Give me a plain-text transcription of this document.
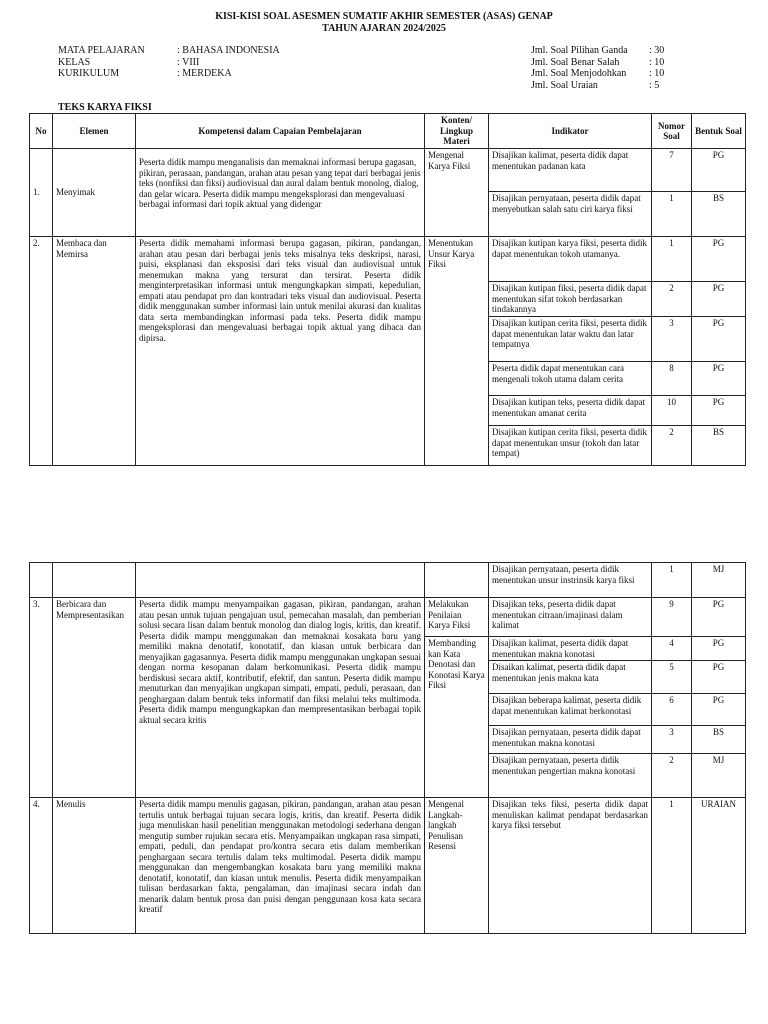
KISI-KISI SOAL ASESMEN SUMATIF AKHIR SEMESTER (ASAS) GENAP
TAHUN AJARAN 2024/2025
MATA PELAJARAN	: BAHASA INDONESIA
KELAS	: VIII
KURIKULUM	: MERDEKA
Jml. Soal Pilihan Ganda : 30
Jml. Soal Benar Salah	: 10
Jml. Soal Menjodohkan : 10
Jml. Soal Uraian	: 5
TEKS KARYA FIKSI
No	Elemen	Kompetensi dalam Capaian Pembelajaran	Konten/ Lingkup Materi	Indikator	Nomor Soal	Bentuk Soal
1.	Menyimak	Peserta didik mampu menganalisis dan memaknai informasi berupa gagasan, pikiran, perasaan, pandangan, arahan atau pesan yang tepat dari berbagai jenis teks (nonfiksi dan fiksi) audiovisual dan aural dalam bentuk monolog, dialog, dan gelar wicara. Peserta didik mampu mengeksplorasi dan mengevaluasi berbagai informasi dari topik aktual yang didengar	Mengenal Karya Fiksi	Disajikan kalimat, peserta didik dapat menentukan padanan kata	7	PG
				Disajikan pernyataan, peserta didik dapat menyebutkan salah satu ciri karya fiksi	1	BS
2.	Membaca dan Memirsa	Peserta didik memahami informasi berupa gagasan, pikiran, pandangan, arahan atau pesan dari berbagai jenis teks misalnya teks deskripsi, narasi, puisi, eksplanasi dan eksposisi dari teks visual dan audiovisual untuk menemukan makna yang tersurat dan tersirat. Peserta didik menginterpretasikan informasi untuk mengungkapkan simpati, kepedulian, empati atau pendapat pro dan kontradari teks visual dan audiovisual. Peserta didik menggunakan sumber informasi lain untuk menilai akurasi dan kualitas data serta membandingkan informasi pada teks. Peserta didik mampu mengeksplorasi dan mengevaluasi berbagai topik aktual yang dibaca dan dipirsa.	Menentukan Unsur Karya Fiksi	Disajikan kutipan karya fiksi, peserta didik dapat menentukan tokoh utamanya.	1	PG
				Disajikan kutipan fiksi, peserta didik dapat menentukan sifat tokoh berdasarkan tindakannya	2	PG
				Disajikan kutipan cerita fiksi, peserta didik dapat menentukan latar waktu dan latar tempatnya	3	PG
				Peserta didik dapat menentukan cara mengenali tokoh utama dalam cerita	8	PG
				Disajikan kutipan teks, peserta didik dapat menentukan amanat cerita	10	PG
				Disajikan kutipan cerita fiksi, peserta didik dapat menentukan unsur (tokoh dan latar tempat)	2	BS
				Disajikan pernyataan, peserta didik menentukan unsur instrinsik karya fiksi	1	MJ
3.	Berbicara dan Mempresentasikan	Peserta didik mampu menyampaikan gagasan, pikiran, pandangan, arahan atau pesan untuk tujuan pengajuan usul, pemecahan masalah, dan pemberian solusi secara lisan dalam bentuk monolog dan dialog logis, kritis, dan kreatif. Peserta didik mampu menggunakan dan memaknai kosakata baru yang memiliki makna denotatif, konotatif, dan kiasan untuk berbicara dan menyajikan gagasannya. Peserta didik mampu menggunakan ungkapan sesuai dengan norma kesopanan dalam berkomunikasi. Peserta didik mampu berdiskusi secara aktif, kontributif, efektif, dan santun. Peserta didik mampu menuturkan dan menyajikan ungkapan simpati, empati, peduli, perasaan, dan penghargaan dalam bentuk teks informatif dan fiksi melalui teks multimoda. Peserta didik mampu mengungkapkan dan mempresentasikan berbagai topik aktual secara kritis	Melakukan Penilaian Karya Fiksi	Disajikan teks, peserta didik dapat menentukan citraan/imajinasi dalam kalimat	9	PG
			Membanding kan Kata Denotasi dan Konotasi Karya Fiksi	Disajikan kalimat, peserta didik dapat menentukan makna konotasi	4	PG
				Disaikan kalimat, peserta didik dapat menentukan jenis makna kata	5	PG
				Disajikan beberapa kalimat, peserta didik dapat menentukan kalimat berkonotasi	6	PG
				Disajikan pernyataan, peserta didik dapat menentukan makna konotasi	3	BS
				Disajikan pernyataan, peserta didik menentukan pengertian makna konotasi	2	MJ
4.	Menulis	Peserta didik mampu menulis gagasan, pikiran, pandangan, arahan atau pesan tertulis untuk berbagai tujuan secara logis, kritis, dan kreatif. Peserta didik juga menuliskan hasil penelitian menggunakan metodologi sederhana dengan mengutip sumber rujukan secara etis. Menyampaikan ungkapan rasa simpati, empati, peduli, dan pendapat pro/kontra secara etis dalam memberikan penghargaan secara tertulis dalam teks multimodal. Peserta didik mampu menggunakan dan mengembangkan kosakata baru yang memiliki makna denotatif, konotatif, dan kiasan untuk menulis. Peserta didik menyampaikan tulisan berdasarkan fakta, pengalaman, dan imajinasi secara indah dan menarik dalam bentuk prosa dan puisi dengan penggunaan kosa kata secara kreatif	Mengenal Langkah-langkah Penulisan Resensi	Disajikan teks fiksi, peserta didik dapat menuliskan kalimat pendapat berdasarkan karya fiksi tersebut	1	URAIAN
